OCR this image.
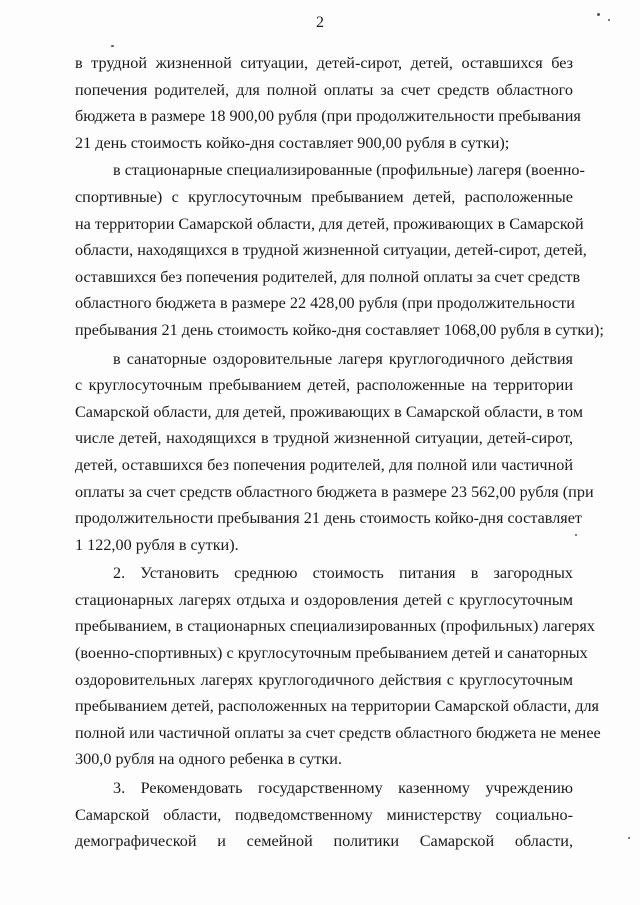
2
в трудной жизненной ситуации, детей-сирот, детей, оставшихся без
попечения родителей, для полной оплаты за счет средств областного
бюджета в размере 18 900,00 рубля (при продолжительности пребывания
21 день стоимость койко-дня составляет 900,00 рубля в сутки);
в стационарные специализированные (профильные) лагеря (военно-
спортивные) с круглосуточным пребыванием детей, расположенные
на территории Самарской области, для детей, проживающих в Самарской
области, находящихся в трудной жизненной ситуации, детей-сирот, детей,
оставшихся без попечения родителей, для полной оплаты за счет средств
областного бюджета в размере 22 428,00 рубля (при продолжительности
пребывания 21 день стоимость койко-дня составляет 1068,00 рубля в сутки);
в санаторные оздоровительные лагеря круглогодичного действия
с круглосуточным пребыванием детей, расположенные на территории
Самарской области, для детей, проживающих в Самарской области, в том
числе детей, находящихся в трудной жизненной ситуации, детей-сирот,
детей, оставшихся без попечения родителей, для полной или частичной
оплаты за счет средств областного бюджета в размере 23 562,00 рубля (при
продолжительности пребывания 21 день стоимость койко-дня составляет
1 122,00 рубля в сутки).
2. Установить среднюю стоимость питания в загородных
стационарных лагерях отдыха и оздоровления детей с круглосуточным
пребыванием, в стационарных специализированных (профильных) лагерях
(военно-спортивных) с круглосуточным пребыванием детей и санаторных
оздоровительных лагерях круглогодичного действия с круглосуточным
пребыванием детей, расположенных на территории Самарской области, для
полной или частичной оплаты за счет средств областного бюджета не менее
300,0 рубля на одного ребенка в сутки.
3. Рекомендовать государственному казенному учреждению
Самарской области, подведомственному министерству социально-
демографической и семейной политики Самарской области,
